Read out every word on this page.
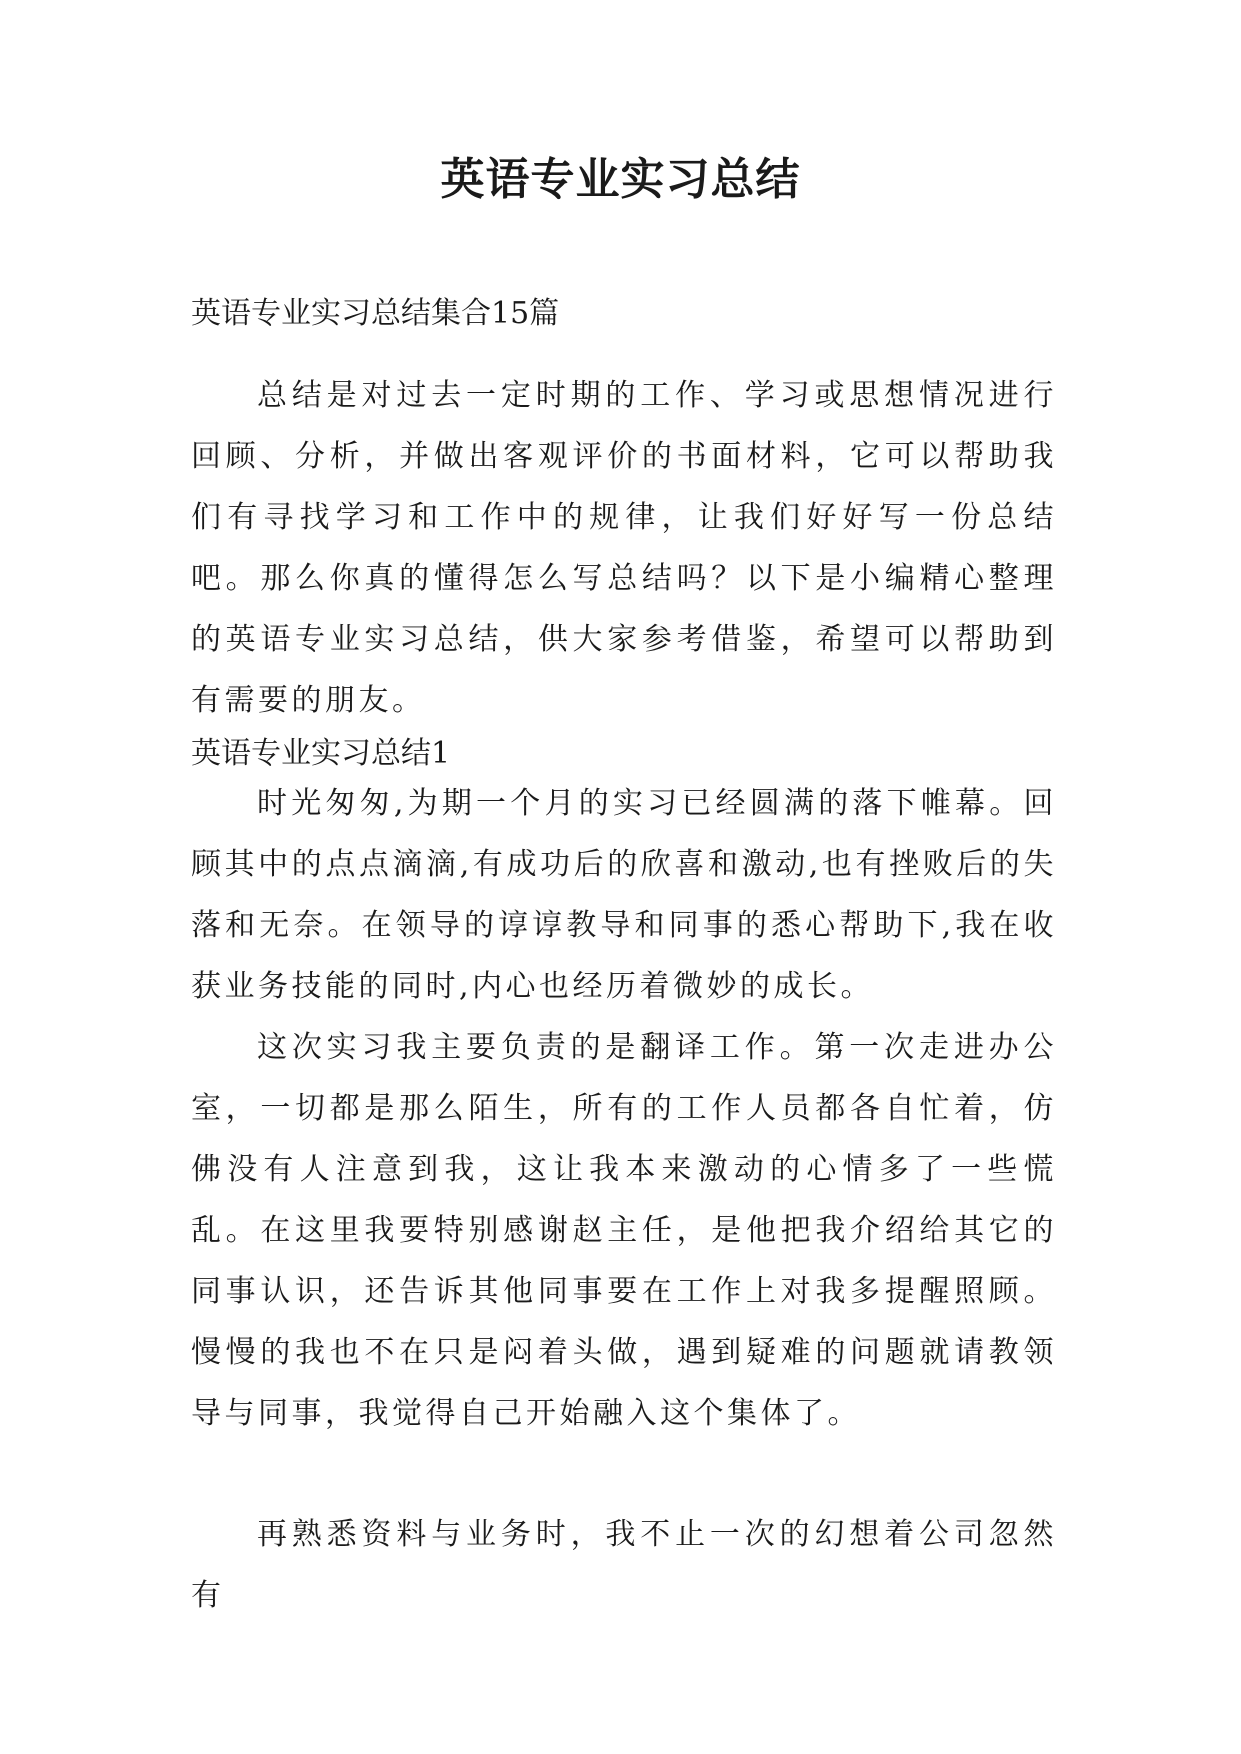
英语专业实习总结

英语专业实习总结集合15篇

总结是对过去一定时期的工作、学习或思想情况进行回顾、分析，并做出客观评价的书面材料，它可以帮助我们有寻找学习和工作中的规律，让我们好好写一份总结吧。那么你真的懂得怎么写总结吗？以下是小编精心整理的英语专业实习总结，供大家参考借鉴，希望可以帮助到有需要的朋友。

英语专业实习总结1

时光匆匆,为期一个月的实习已经圆满的落下帷幕。回顾其中的点点滴滴,有成功后的欣喜和激动,也有挫败后的失落和无奈。在领导的谆谆教导和同事的悉心帮助下,我在收获业务技能的同时,内心也经历着微妙的成长。

这次实习我主要负责的是翻译工作。第一次走进办公室，一切都是那么陌生，所有的工作人员都各自忙着，仿佛没有人注意到我，这让我本来激动的心情多了一些慌乱。在这里我要特别感谢赵主任，是他把我介绍给其它的同事认识，还告诉其他同事要在工作上对我多提醒照顾。慢慢的我也不在只是闷着头做，遇到疑难的问题就请教领导与同事，我觉得自己开始融入这个集体了。

再熟悉资料与业务时，我不止一次的幻想着公司忽然有
